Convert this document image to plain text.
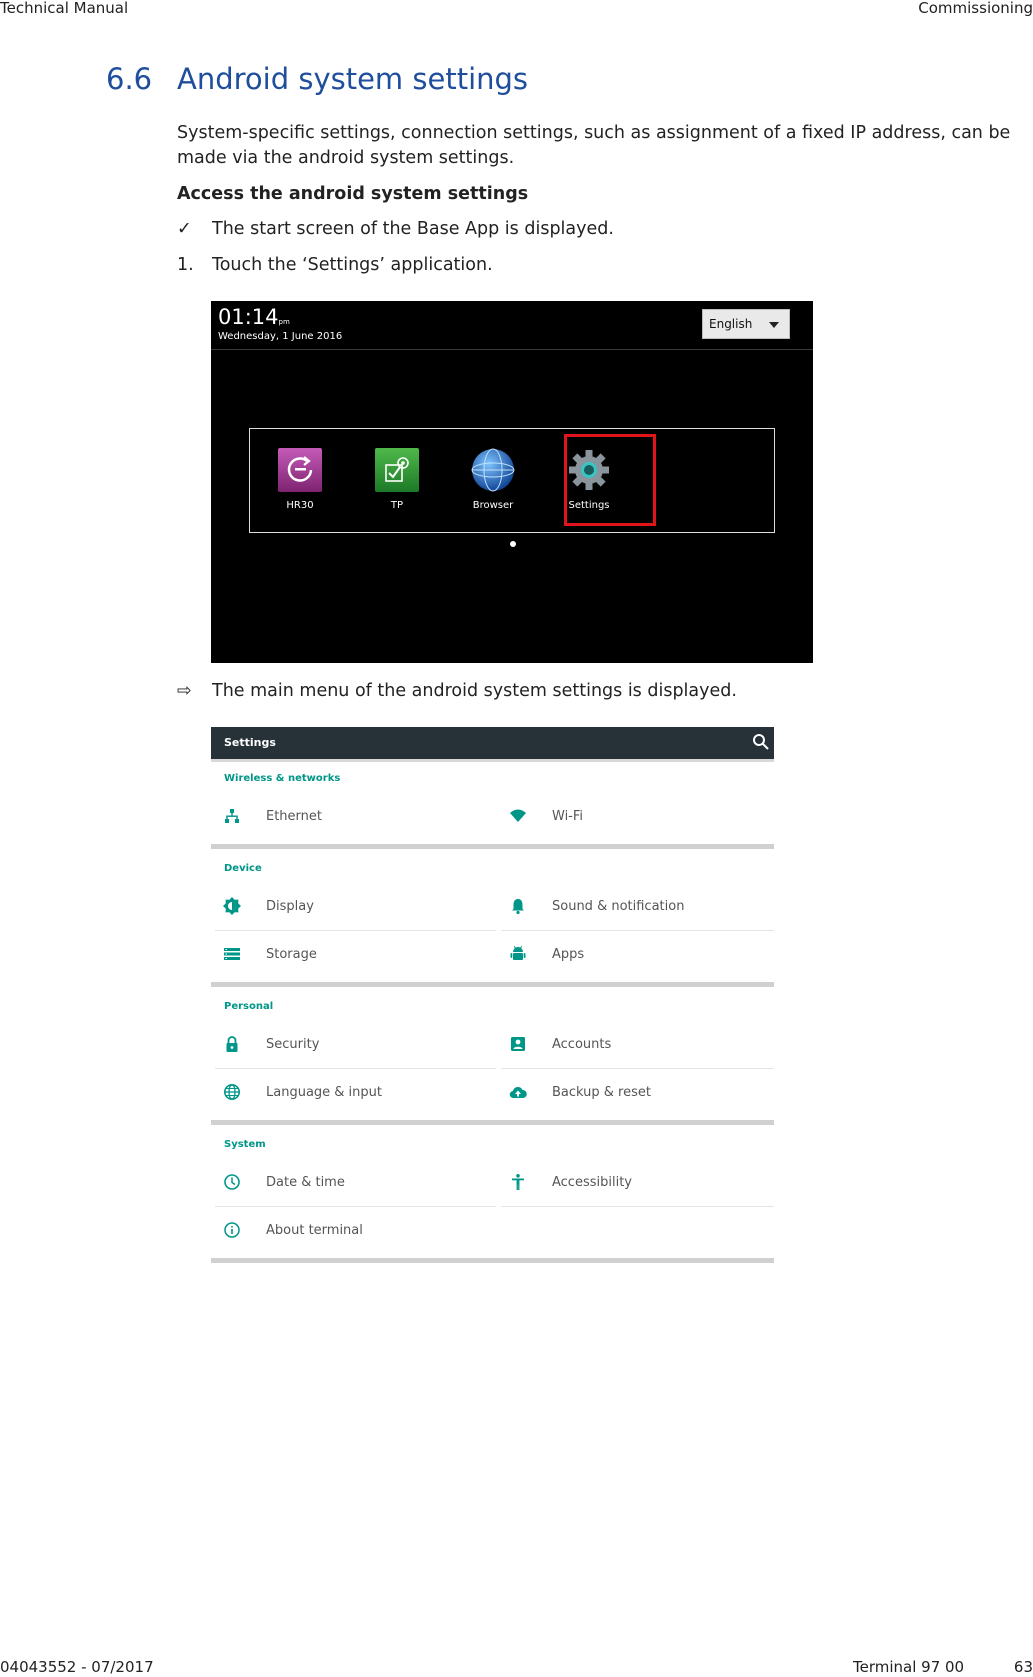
Technical Manual	Commissioning
6.6 Android system settings
System-specific settings, connection settings, such as assignment of a fixed IP address, can be made via the android system settings.
Access the android system settings
✓ The start screen of the Base App is displayed.
1. Touch the ‘Settings’ application.
01:14pm
Wednesday, 1 June 2016
English
HR30	TP	Browser	Settings
⇨ The main menu of the android system settings is displayed.
Settings
Wireless & networks
Ethernet	Wi-Fi
Device
Display	Sound & notification
Storage	Apps
Personal
Security	Accounts
Language & input	Backup & reset
System
Date & time	Accessibility
About terminal
04043552 - 07/2017	Terminal 97 00	63
